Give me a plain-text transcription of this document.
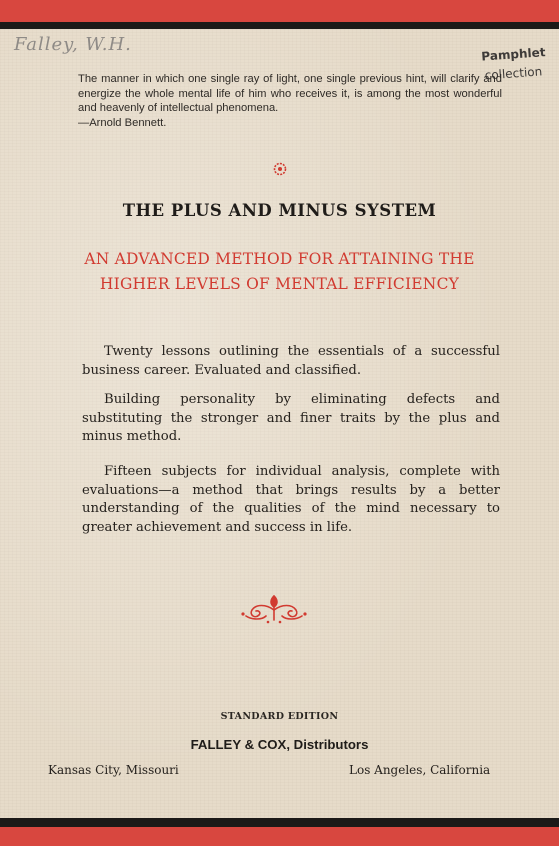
Falley, W.H.	Pamphlet
collection
The manner in which one single ray of light, one single previous hint, will clarify and energize the whole mental life of him who receives it, is among the most wonderful and heavenly of intellectual phenomena.
—Arnold Bennett.
THE PLUS AND MINUS SYSTEM
AN ADVANCED METHOD FOR ATTAINING THE
HIGHER LEVELS OF MENTAL EFFICIENCY
Twenty lessons outlining the essentials of a successful business career. Evaluated and classified.
Building personality by eliminating defects and substituting the stronger and finer traits by the plus and minus method.
Fifteen subjects for individual analysis, complete with evaluations—a method that brings results by a better understanding of the qualities of the mind necessary to greater achievement and success in life.
STANDARD EDITION
FALLEY & COX, Distributors
Kansas City, Missouri	Los Angeles, California
